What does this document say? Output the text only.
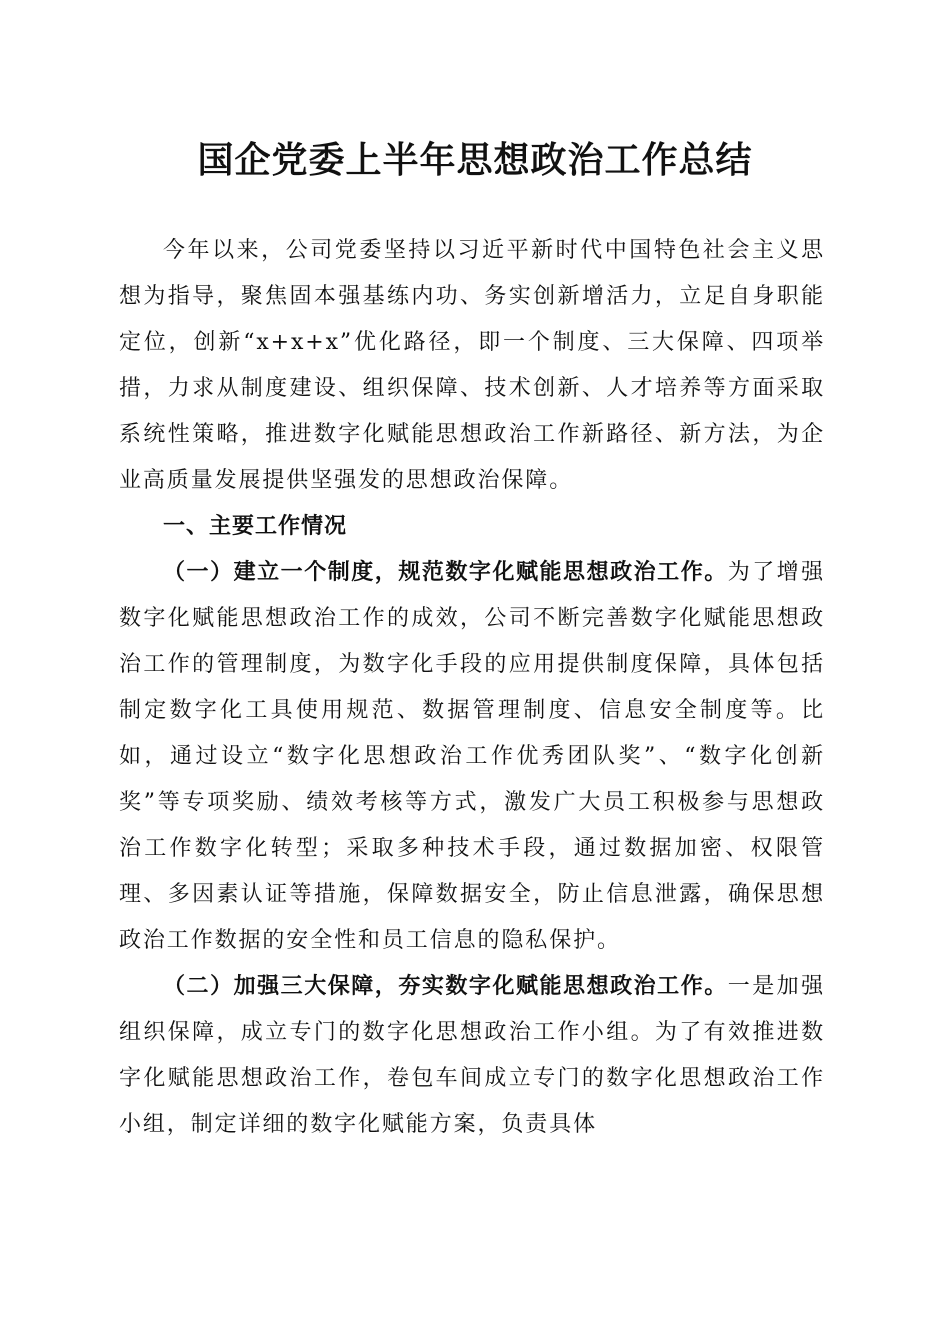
国企党委上半年思想政治工作总结

今年以来，公司党委坚持以习近平新时代中国特色社会主义思想为指导，聚焦固本强基练内功、务实创新增活力，立足自身职能定位，创新“x+x+x”优化路径，即一个制度、三大保障、四项举措，力求从制度建设、组织保障、技术创新、人才培养等方面采取系统性策略，推进数字化赋能思想政治工作新路径、新方法，为企业高质量发展提供坚强发的思想政治保障。

一、主要工作情况

（一）建立一个制度，规范数字化赋能思想政治工作。为了增强数字化赋能思想政治工作的成效，公司不断完善数字化赋能思想政治工作的管理制度，为数字化手段的应用提供制度保障，具体包括制定数字化工具使用规范、数据管理制度、信息安全制度等。比如，通过设立“数字化思想政治工作优秀团队奖”、“数字化创新奖”等专项奖励、绩效考核等方式，激发广大员工积极参与思想政治工作数字化转型；采取多种技术手段，通过数据加密、权限管理、多因素认证等措施，保障数据安全，防止信息泄露，确保思想政治工作数据的安全性和员工信息的隐私保护。

（二）加强三大保障，夯实数字化赋能思想政治工作。一是加强组织保障，成立专门的数字化思想政治工作小组。为了有效推进数字化赋能思想政治工作，卷包车间成立专门的数字化思想政治工作小组，制定详细的数字化赋能方案，负责具体
